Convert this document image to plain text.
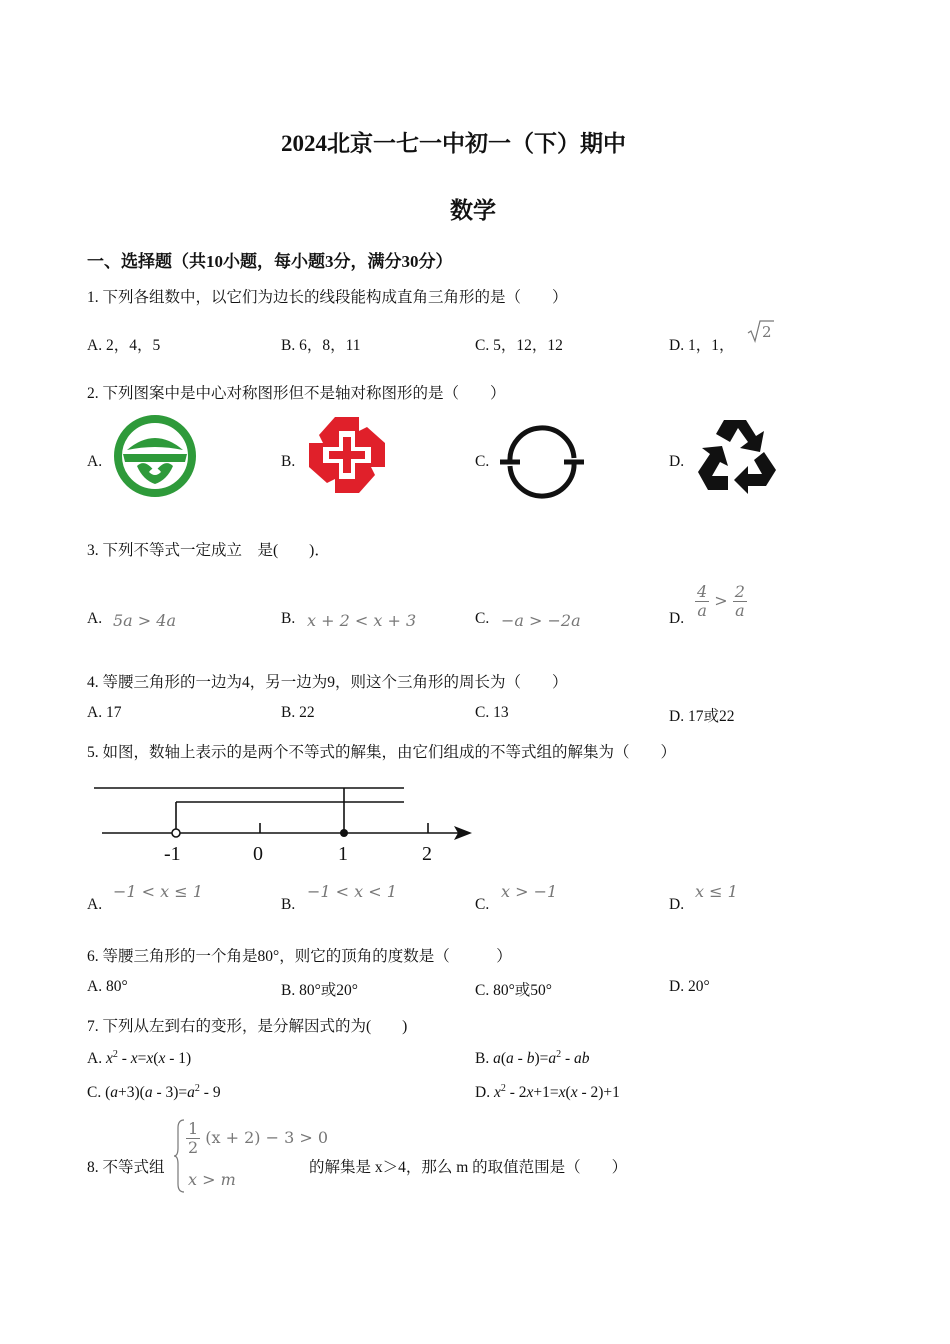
2024北京一七一中初一（下）期中
数学
一、选择题（共10小题，每小题3分，满分30分）
1. 下列各组数中，以它们为边长的线段能构成直角三角形的是（　　）
A. 2，4，5	B. 6，8，11	C. 5，12，12	D. 1，1，
2
2. 下列图案中是中心对称图形但不是轴对称图形的是（　　）
A.	B.	C.	D.
3. 下列不等式一定成立　是(　　)．
A. 5a > 4a	B. x + 2 < x + 3	C. −a > −2a	D. $\frac{4}{a} > \frac{2}{a}$
4. 等腰三角形的一边为4，另一边为9，则这个三角形的周长为（　　）
A. 17	B. 22	C. 13	D. 17或22
5. 如图，数轴上表示的是两个不等式的解集，由它们组成的不等式组的解集为（　　）
-1	0	1	2
A.
−1 < x ≤ 1
B.
−1 < x < 1
C.
x > −1
D.
x ≤ 1
6. 等腰三角形的一个角是80°，则它的顶角的度数是（　　　）
A. 80°	B. 80°或20°	C. 80°或50°	D. 20°
7. 下列从左到右的变形，是分解因式的为(　　)
A. $x^2 - x=x(x - 1)$	B. $a(a - b)=a^2$ - ab
C. $(a+3)(a - 3)=a^2 - 9$	D. $x^2 - 2x+1=x(x - 2)+1$
8. 不等式组
$\frac{1}{2} (x + 2) - 3 > 0$
x > m
的解集是 x＞4，那么 m 的取值范围是（　　）
